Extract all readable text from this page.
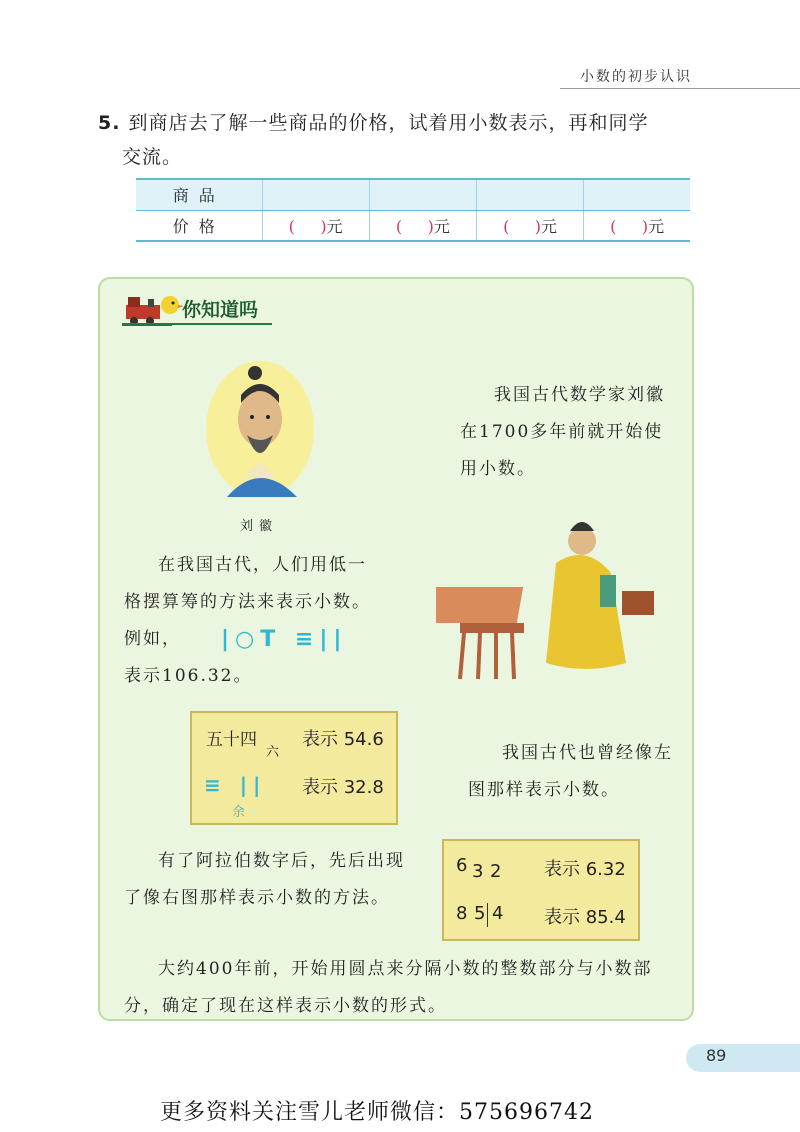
小数的初步认识
5. 到商店去了解一些商品的价格，试着用小数表示，再和同学
交流。
商品				
价格	( )元	( )元	( )元	( )元
你知道吗
刘徽
我国古代数学家刘徽在1700多年前就开始使用小数。
在我国古代，人们用低一格摆算筹的方法来表示小数。例如， |○T ≡||
表示106.32。
五十四
六
表示 54.6
≡ ||
余
表示 32.8
我国古代也曾经像左图那样表示小数。
有了阿拉伯数字后，先后出现了像右图那样表示小数的方法。
6 3 2 表示 6.32
8 5 4 表示 85.4
大约400年前，开始用圆点来分隔小数的整数部分与小数部分，确定了现在这样表示小数的形式。
89
更多资料关注雪儿老师微信：575696742
